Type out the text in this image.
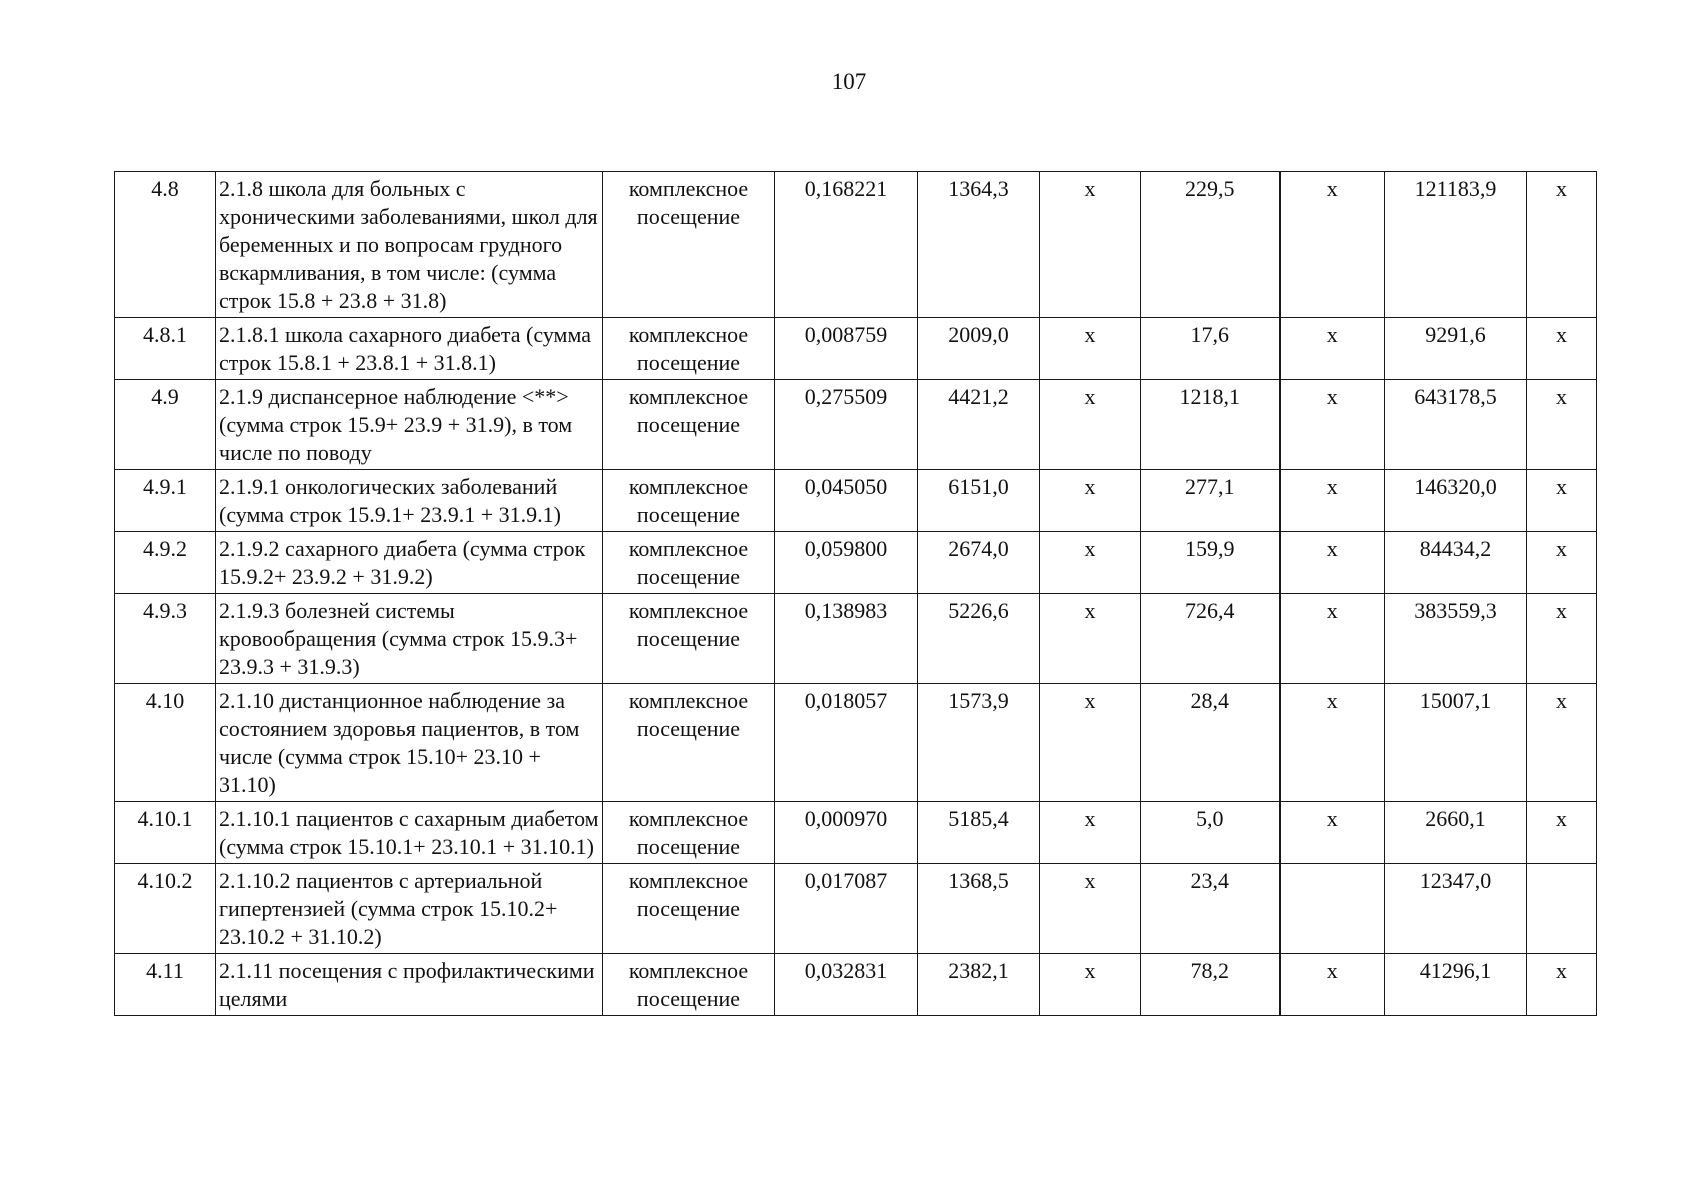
107
4.8	2.1.8 школа для больных с хроническими заболеваниями, школ для беременных и по вопросам грудного вскармливания, в том числе: (сумма строк 15.8 + 23.8 + 31.8)	комплексное посещение	0,168221	1364,3	х	229,5	х	121183,9	х
4.8.1	2.1.8.1 школа сахарного диабета (сумма строк 15.8.1 + 23.8.1 + 31.8.1)	комплексное посещение	0,008759	2009,0	х	17,6	х	9291,6	х
4.9	2.1.9 диспансерное наблюдение <**> (сумма строк 15.9+ 23.9 + 31.9), в том числе по поводу	комплексное посещение	0,275509	4421,2	х	1218,1	х	643178,5	х
4.9.1	2.1.9.1 онкологических заболеваний (сумма строк 15.9.1+ 23.9.1 + 31.9.1)	комплексное посещение	0,045050	6151,0	х	277,1	х	146320,0	х
4.9.2	2.1.9.2 сахарного диабета (сумма строк 15.9.2+ 23.9.2 + 31.9.2)	комплексное посещение	0,059800	2674,0	х	159,9	х	84434,2	х
4.9.3	2.1.9.3 болезней системы кровообращения (сумма строк 15.9.3+ 23.9.3 + 31.9.3)	комплексное посещение	0,138983	5226,6	х	726,4	х	383559,3	х
4.10	2.1.10 дистанционное наблюдение за состоянием здоровья пациентов, в том числе (сумма строк 15.10+ 23.10 + 31.10)	комплексное посещение	0,018057	1573,9	х	28,4	х	15007,1	х
4.10.1	2.1.10.1 пациентов с сахарным диабетом (сумма строк 15.10.1+ 23.10.1 + 31.10.1)	комплексное посещение	0,000970	5185,4	х	5,0	х	2660,1	х
4.10.2	2.1.10.2 пациентов с артериальной гипертензией (сумма строк 15.10.2+ 23.10.2 + 31.10.2)	комплексное посещение	0,017087	1368,5	х	23,4		12347,0	
4.11	2.1.11 посещения с профилактическими целями	комплексное посещение	0,032831	2382,1	х	78,2	х	41296,1	х
